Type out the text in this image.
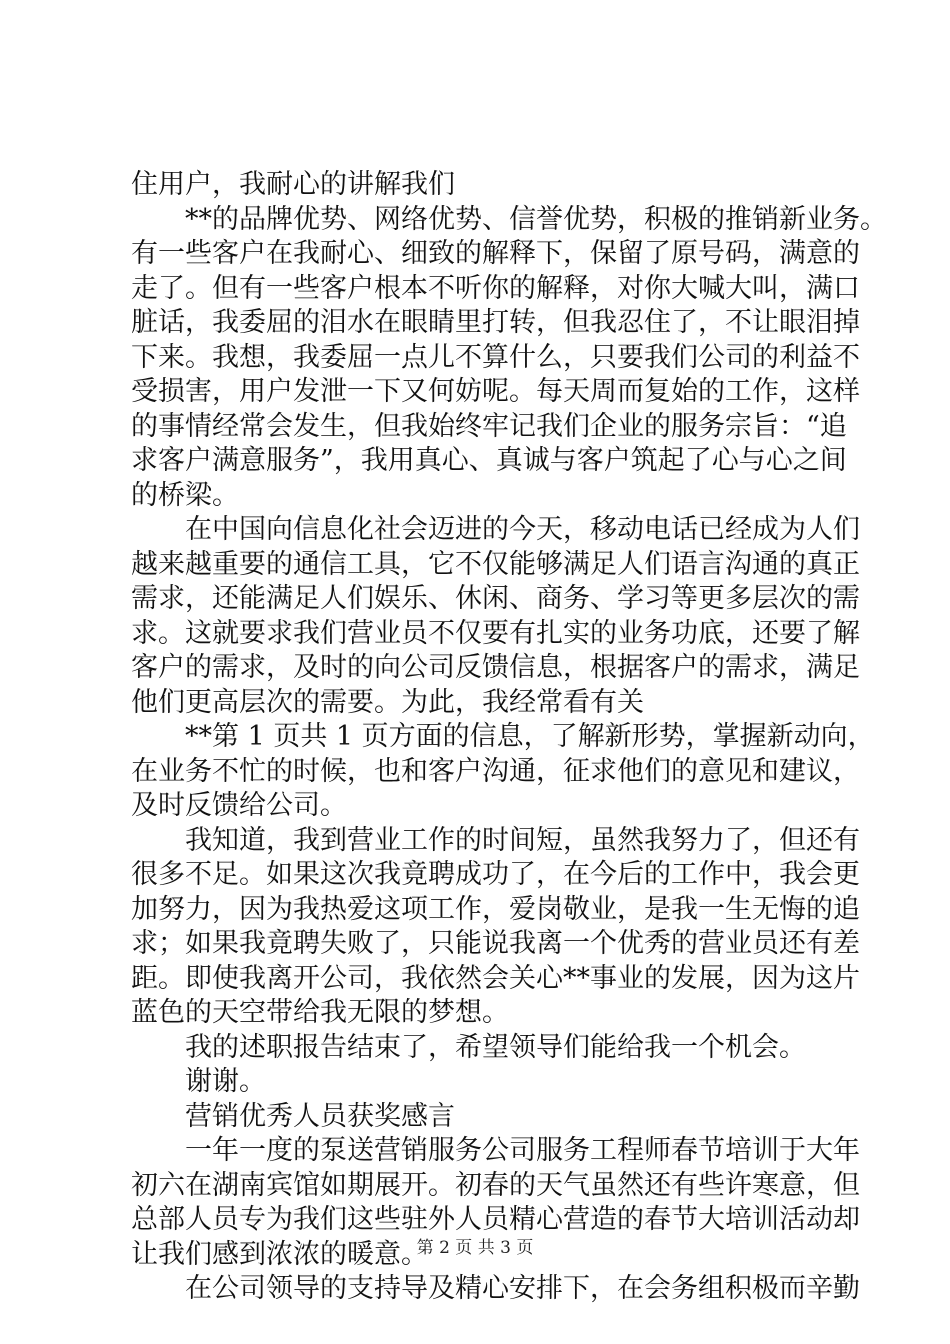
住用户，我耐心的讲解我们
**的品牌优势、网络优势、信誉优势，积极的推销新业务。
有一些客户在我耐心、细致的解释下，保留了原号码，满意的
走了。但有一些客户根本不听你的解释，对你大喊大叫，满口
脏话，我委屈的泪水在眼睛里打转，但我忍住了，不让眼泪掉
下来。我想，我委屈一点儿不算什么，只要我们公司的利益不
受损害，用户发泄一下又何妨呢。每天周而复始的工作，这样
的事情经常会发生，但我始终牢记我们企业的服务宗旨：“追
求客户满意服务”，我用真心、真诚与客户筑起了心与心之间
的桥梁。
在中国向信息化社会迈进的今天，移动电话已经成为人们
越来越重要的通信工具，它不仅能够满足人们语言沟通的真正
需求，还能满足人们娱乐、休闲、商务、学习等更多层次的需
求。这就要求我们营业员不仅要有扎实的业务功底，还要了解
客户的需求，及时的向公司反馈信息，根据客户的需求，满足
他们更高层次的需要。为此，我经常看有关
**第 1 页共 1 页方面的信息，了解新形势，掌握新动向，
在业务不忙的时候，也和客户沟通，征求他们的意见和建议，
及时反馈给公司。
我知道，我到营业工作的时间短，虽然我努力了，但还有
很多不足。如果这次我竟聘成功了，在今后的工作中，我会更
加努力，因为我热爱这项工作，爱岗敬业，是我一生无悔的追
求；如果我竟聘失败了，只能说我离一个优秀的营业员还有差
距。即使我离开公司，我依然会关心**事业的发展，因为这片
蓝色的天空带给我无限的梦想。
我的述职报告结束了，希望领导们能给我一个机会。
谢谢。
营销优秀人员获奖感言
一年一度的泵送营销服务公司服务工程师春节培训于大年
初六在湖南宾馆如期展开。初春的天气虽然还有些许寒意，但
总部人员专为我们这些驻外人员精心营造的春节大培训活动却
让我们感到浓浓的暖意。
在公司领导的支持导及精心安排下，在会务组积极而辛勤
第 2 页 共 3 页
